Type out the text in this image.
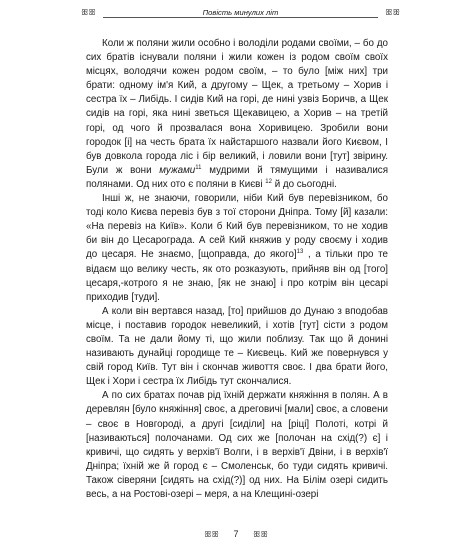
ꕥꕥ	Повість минулих літ	ꕥꕥ

Коли ж поляни жили особно і володіли родами своїми, – бо до сих братів існували поляни і жили кожен із родом своїм своїх місцях, володячи кожен родом своїм, – то було [між них] три брати: одному ім'я Кий, а другому – Щек, а третьому – Хорив і сестра їх – Либідь. І сидів Кий на горі, де нині узвіз Боричв, а Щек сидів на горі, яка нині зветься Щекавицею, а Хорив – на третій горі, од чого й прозвалася вона Хоривицею. Зробили вони городок [і] на честь брата їх найстаршого назвали його Києвом, І був довкола города ліс і бір великий, і ловили вони [тут] звірину. Були ж вони мужами$^{11}$ мудрими й тямущими і називалися полянами. Од них ото є поляни в Києві $^{12}$ й до сьогодні.

Інші ж, не знаючи, говорили, ніби Кий був перевізником, бо тоді коло Києва перевіз був з тої сторони Дніпра. Тому [й] казали: «На перевіз на Київ». Коли б Кий був перевізником, то не ходив би він до Цесарограда. А сей Кий княжив у роду своєму і ходив до цесаря. Не знаємо, [щоправда, до якого]$^{13}$ , а тільки про те відаєм що велику честь, як ото розказують, прийняв він од [того] цесаря,-котрого я не знаю, [як не знаю] і про котрім він цесарі приходив [туди].

А коли він вертався назад, [то] прийшов до Дунаю з вподобав місце, і поставив городок невеликий, і хотів [тут] сісти з родом своїм. Та не дали йому ті, що жили поблизу. Так що й донині називають дунайці городище те – Києвець. Кий же повернувся у свій город Київ. Тут він і скончав живоття своє. І два брати його, Щек і Хори і сестра їх Либідь тут скончалися.

А по сих братах почав рід їхній держати княжіння в полян. А в деревлян [було княжіння] своє, а дреговичі [мали] своє, а словени – своє в Новгороді, а другі [сиділи] на [ріці] Полоті, котрі й [називаються] полочанами. Од сих же [полочан на схід(?) є] і кривичі, що сидять у верхів'ї Волги, і в верхів'ї Двіни, і в верхів'ї Дніпра; їхній же й город є – Смоленськ, бо туди сидять кривичі. Також сіверяни [сидять на схід(?)] од них. На Білім озері сидить весь, а на Ростові-озері – меря, а на Клещині-озері

ꕥꕥ 7 ꕥꕥ
